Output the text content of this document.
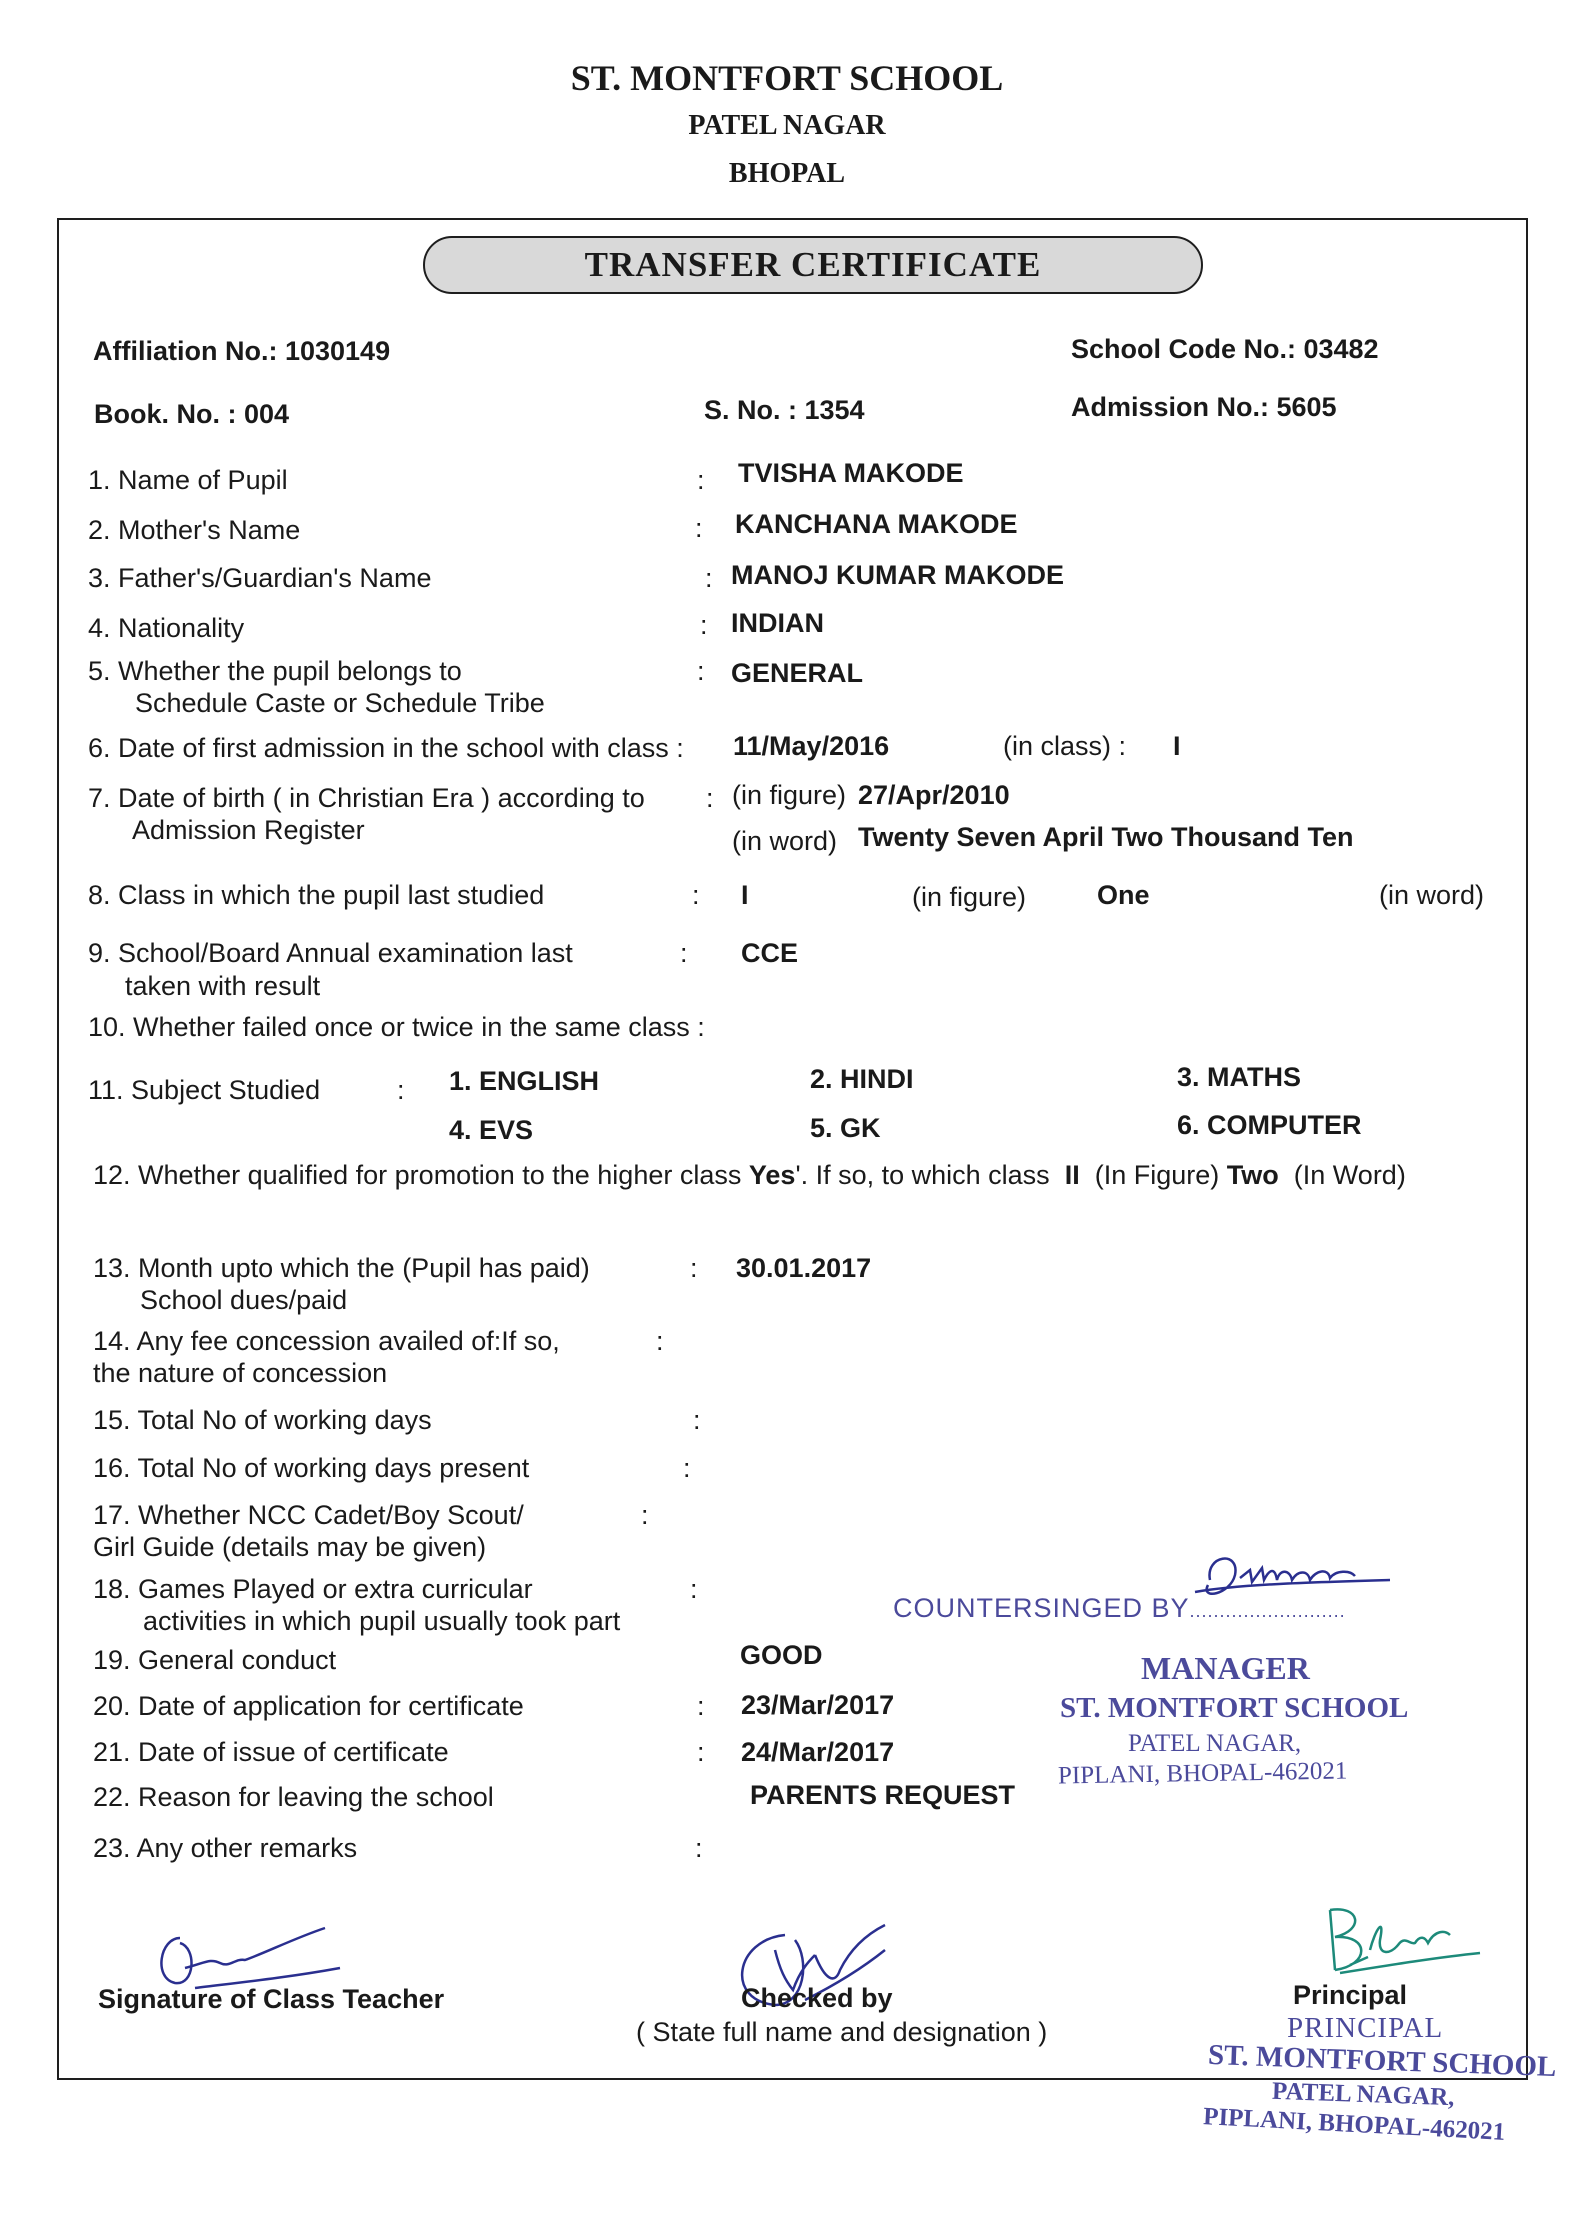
ST. MONTFORT SCHOOL
PATEL NAGAR
BHOPAL
TRANSFER CERTIFICATE
Affiliation No.: 1030149	School Code No.: 03482
Book. No. : 004	S. No. : 1354	Admission No.: 5605
1. Name of Pupil	: TVISHA MAKODE
2. Mother's Name	: KANCHANA MAKODE
3. Father's/Guardian's Name	: MANOJ KUMAR MAKODE
4. Nationality	: INDIAN
5. Whether the pupil belongs to
Schedule Caste or Schedule Tribe
: GENERAL
6. Date of first admission in the school with class : 11/May/2016	(in class) : I
7. Date of birth ( in Christian Era ) according to
Admission Register
: (in figure) 27/Apr/2010
(in word) Twenty Seven April Two Thousand Ten
8. Class in which the pupil last studied	: I	(in figure)	One	(in word)
9. School/Board Annual examination last
taken with result
: CCE
10. Whether failed once or twice in the same class :
11. Subject Studied	: 1. ENGLISH	2. HINDI	3. MATHS
4. EVS	5. GK	6. COMPUTER
12. Whether qualified for promotion to the higher class Yes'. If so, to which class II (In Figure) Two (In Word)
13. Month upto which the (Pupil has paid)
School dues/paid
: 30.01.2017
14. Any fee concession availed of:If so,
the nature of concession
:
15. Total No of working days	:
16. Total No of working days present	:
17. Whether NCC Cadet/Boy Scout/
Girl Guide (details may be given)
:
18. Games Played or extra curricular
activities in which pupil usually took part
:
19. General conduct	GOOD
20. Date of application for certificate	: 23/Mar/2017
21. Date of issue of certificate	: 24/Mar/2017
22. Reason for leaving the school	PARENTS REQUEST
23. Any other remarks	:
COUNTERSINGED BY..........................
MANAGER
ST. MONTFORT SCHOOL
PATEL NAGAR,
PIPLANI, BHOPAL-462021
Signature of Class Teacher	Checked by
( State full name and designation )
Principal
PRINCIPAL
ST. MONTFORT SCHOOL
PATEL NAGAR,
PIPLANI, BHOPAL-462021
